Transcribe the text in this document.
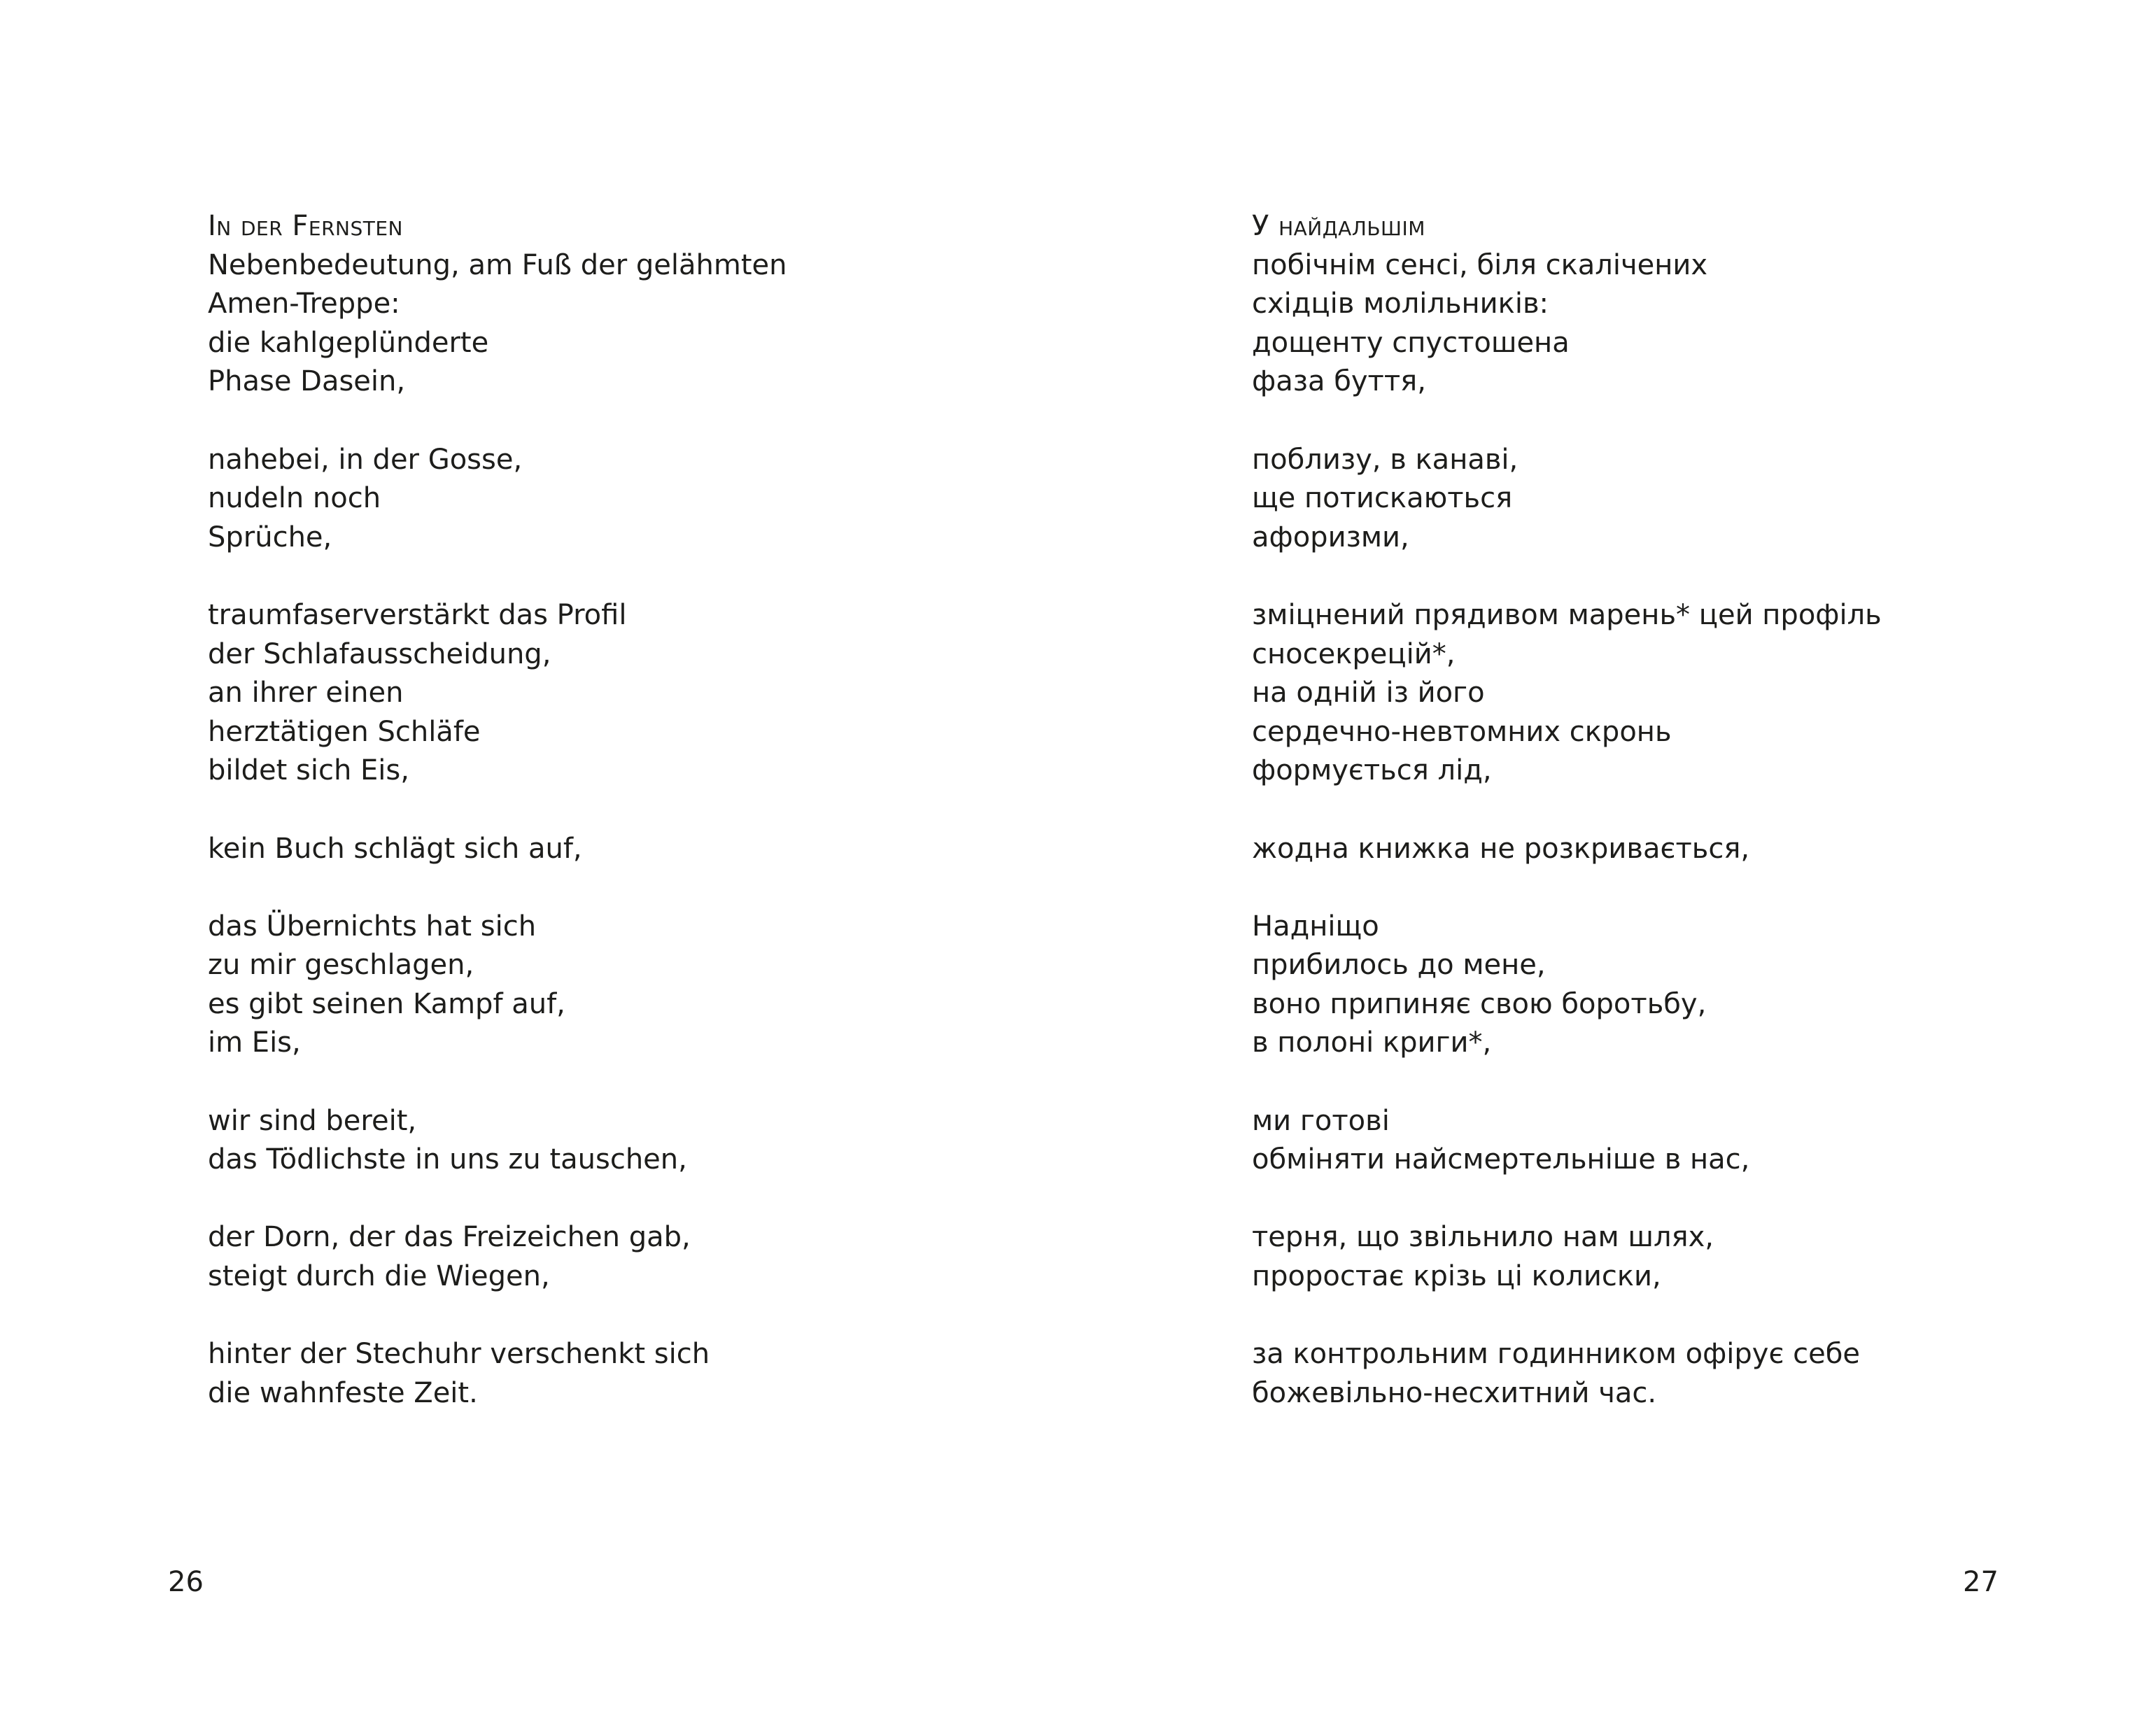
In der Fernsten
Nebenbedeutung, am Fuß der gelähmten
Amen-Treppe:
die kahlgeplünderte
Phase Dasein,
nahebei, in der Gosse,
nudeln noch
Sprüche,
traumfaserverstärkt das Profil
der Schlafausscheidung,
an ihrer einen
herztätigen Schläfe
bildet sich Eis,
kein Buch schlägt sich auf,
das Übernichts hat sich
zu mir geschlagen,
es gibt seinen Kampf auf,
im Eis,
wir sind bereit,
das Tödlichste in uns zu tauschen,
der Dorn, der das Freizeichen gab,
steigt durch die Wiegen,
hinter der Stechuhr verschenkt sich
die wahnfeste Zeit.
26
У найдальшім
побічнім сенсі, біля скалічених
східців молільників:
дощенту спустошена
фаза буття,
поблизу, в канаві,
ще потискаються
афоризми,
зміцнений прядивом марень* цей профіль
сносекрецій*,
на одній із його
сердечно-невтомних скронь
формується лід,
жодна книжка не розкривається,
Надніщо
прибилось до мене,
воно припиняє свою боротьбу,
в полоні криги*,
ми готові
обміняти найсмертельніше в нас,
терня, що звільнило нам шлях,
проростає крізь ці колиски,
за контрольним годинником офірує себе
божевільно-несхитний час.
27
